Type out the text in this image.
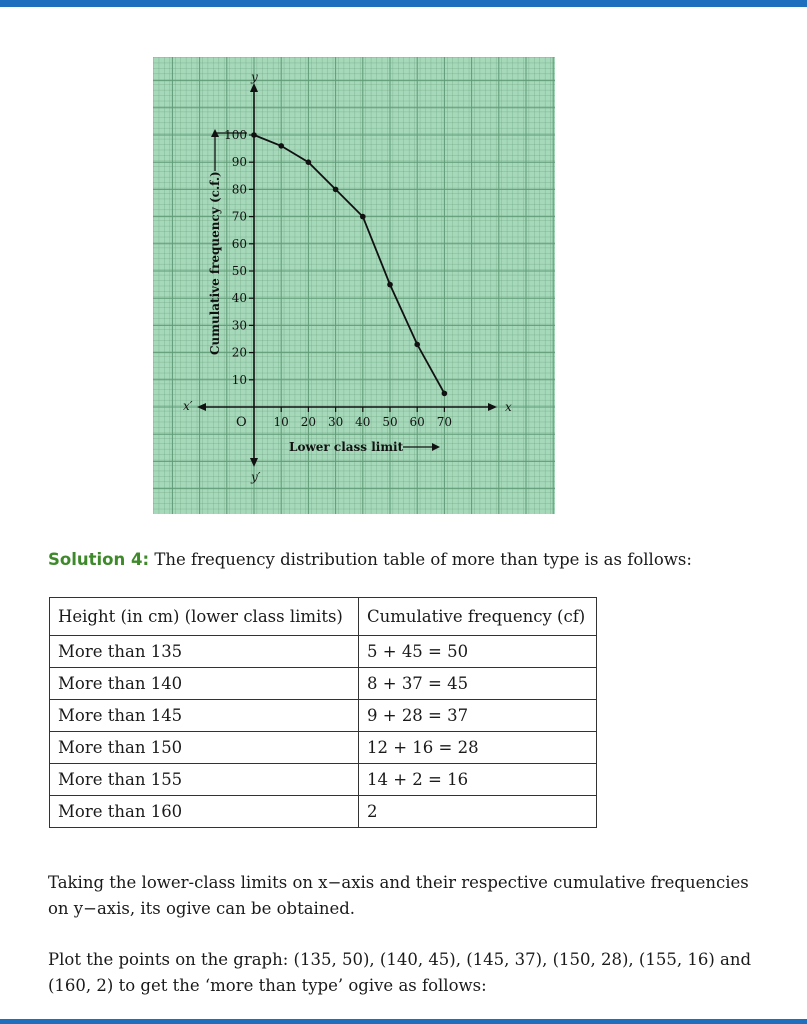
x
x′
y
y′
O
10
20
30
40
50
60
70
80
90
100
10 20 30 40 50 60 70
Cumulative frequency (c.f.)
Lower class limit
Solution 4: The frequency distribution table of more than type is as follows:
Height (in cm) (lower class limits)	Cumulative frequency (cf)
More than 135	5 + 45 = 50
More than 140	8 + 37 = 45
More than 145	9 + 28 = 37
More than 150	12 + 16 = 28
More than 155	14 + 2 = 16
More than 160	2

Taking the lower-class limits on x−axis and their respective cumulative frequencies on y−axis, its ogive can be obtained.

Plot the points on the graph: (135, 50), (140, 45), (145, 37), (150, 28), (155, 16) and (160, 2) to get the ‘more than type’ ogive as follows:
